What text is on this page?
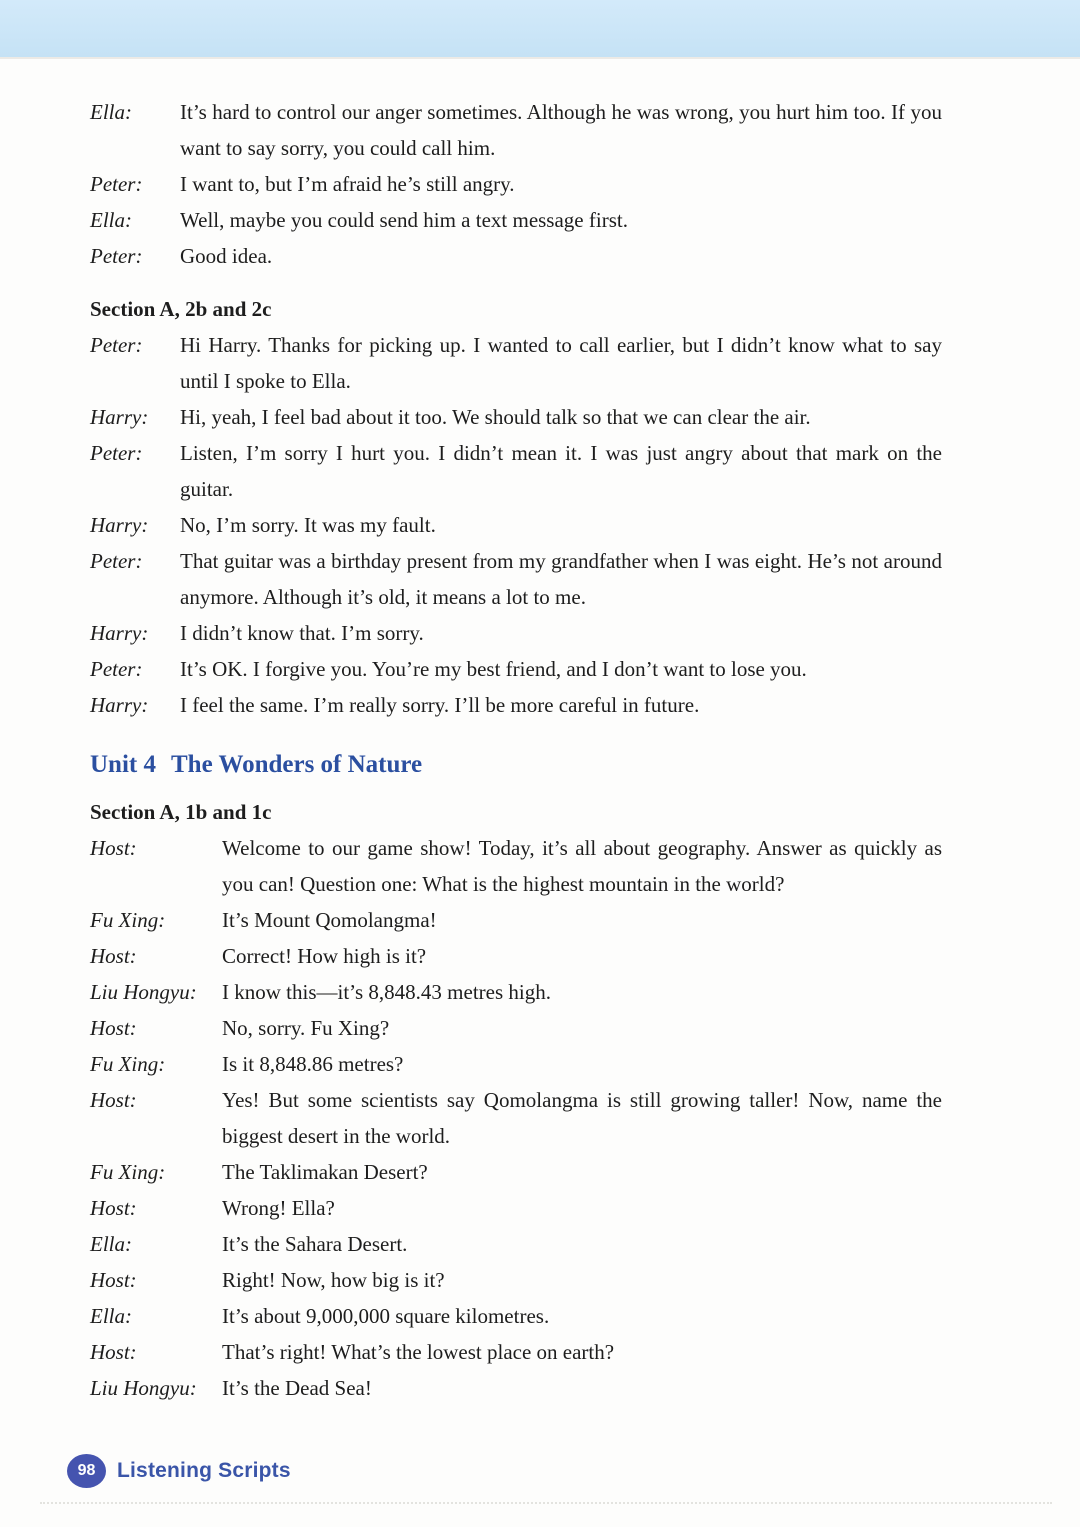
Ella:	It’s hard to control our anger sometimes. Although he was wrong, you hurt him too. If you want to say sorry, you could call him.
Peter:	I want to, but I’m afraid he’s still angry.
Ella:	Well, maybe you could send him a text message first.
Peter:	Good idea.
Section A, 2b and 2c
Peter:	Hi Harry. Thanks for picking up. I wanted to call earlier, but I didn’t know what to say until I spoke to Ella.
Harry:	Hi, yeah, I feel bad about it too. We should talk so that we can clear the air.
Peter:	Listen, I’m sorry I hurt you. I didn’t mean it. I was just angry about that mark on the guitar.
Harry:	No, I’m sorry. It was my fault.
Peter:	That guitar was a birthday present from my grandfather when I was eight. He’s not around anymore. Although it’s old, it means a lot to me.
Harry:	I didn’t know that. I’m sorry.
Peter:	It’s OK. I forgive you. You’re my best friend, and I don’t want to lose you.
Harry:	I feel the same. I’m really sorry. I’ll be more careful in future.
Unit 4 The Wonders of Nature
Section A, 1b and 1c
Host:	Welcome to our game show! Today, it’s all about geography. Answer as quickly as you can! Question one: What is the highest mountain in the world?
Fu Xing:	It’s Mount Qomolangma!
Host:	Correct! How high is it?
Liu Hongyu:	I know this—it’s 8,848.43 metres high.
Host:	No, sorry. Fu Xing?
Fu Xing:	Is it 8,848.86 metres?
Host:	Yes! But some scientists say Qomolangma is still growing taller! Now, name the biggest desert in the world.
Fu Xing:	The Taklimakan Desert?
Host:	Wrong! Ella?
Ella:	It’s the Sahara Desert.
Host:	Right! Now, how big is it?
Ella:	It’s about 9,000,000 square kilometres.
Host:	That’s right! What’s the lowest place on earth?
Liu Hongyu:	It’s the Dead Sea!
98 Listening Scripts
